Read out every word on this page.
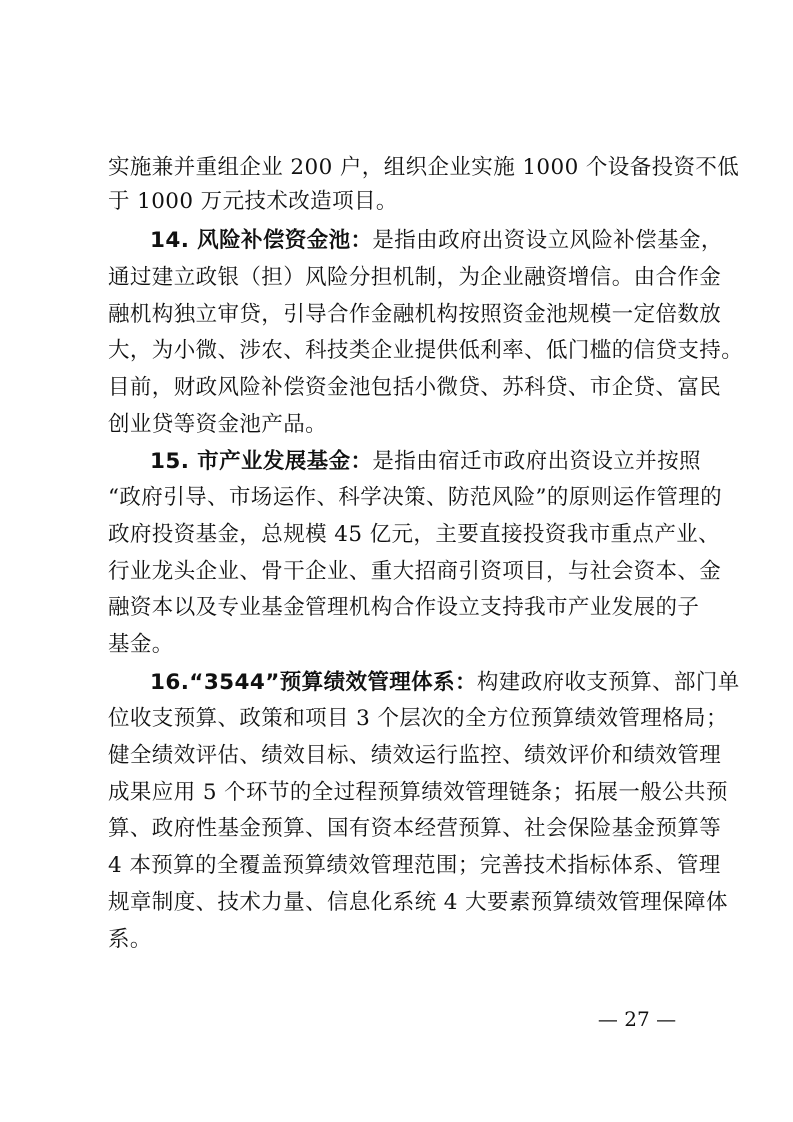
实施兼并重组企业 200 户，组织企业实施 1000 个设备投资不低
于 1000 万元技术改造项目。
14. 风险补偿资金池：是指由政府出资设立风险补偿基金，
通过建立政银（担）风险分担机制，为企业融资增信。由合作金
融机构独立审贷，引导合作金融机构按照资金池规模一定倍数放
大，为小微、涉农、科技类企业提供低利率、低门槛的信贷支持。
目前，财政风险补偿资金池包括小微贷、苏科贷、市企贷、富民
创业贷等资金池产品。
15. 市产业发展基金：是指由宿迁市政府出资设立并按照
“政府引导、市场运作、科学决策、防范风险”的原则运作管理的
政府投资基金，总规模 45 亿元，主要直接投资我市重点产业、
行业龙头企业、骨干企业、重大招商引资项目，与社会资本、金
融资本以及专业基金管理机构合作设立支持我市产业发展的子
基金。
16.“3544”预算绩效管理体系：构建政府收支预算、部门单
位收支预算、政策和项目 3 个层次的全方位预算绩效管理格局；
健全绩效评估、绩效目标、绩效运行监控、绩效评价和绩效管理
成果应用 5 个环节的全过程预算绩效管理链条；拓展一般公共预
算、政府性基金预算、国有资本经营预算、社会保险基金预算等
4 本预算的全覆盖预算绩效管理范围；完善技术指标体系、管理
规章制度、技术力量、信息化系统 4 大要素预算绩效管理保障体
系。
— 27 —
